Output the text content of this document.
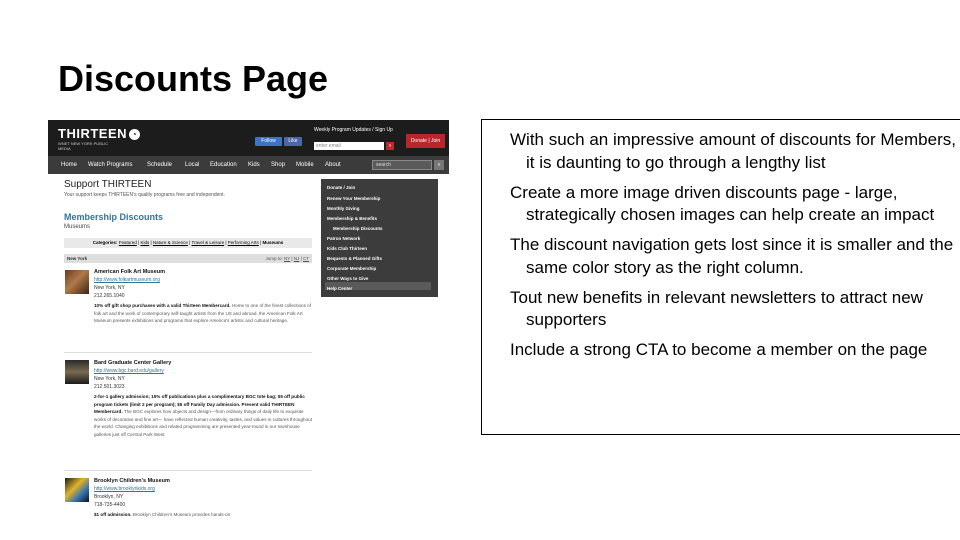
Discounts Page
THIRTEEN ◔
WNET NEW YORK PUBLIC MEDIA
Follow	Like
Weekly Program Updates / Sign Up
enter email	»
Donate | Join
Home Watch Programs Schedule Local Education Kids Shop Mobile About	search	»
Support THIRTEEN
Your support keeps THIRTEEN's quality programs free and independent.
Membership Discounts
Museums
Categories: Featured | Kids | Nature & Science | Travel & Leisure | Performing Arts | Museums
New York	Jump to: NY | NJ | CT
Donate / Join
Renew Your Membership
Monthly Giving
Membership & Benefits
Membership Discounts
Patron Network
Kids Club Thirteen
Bequests & Planned Gifts
Corporate Membership
Other Ways to Give
Help Center
American Folk Art Museum
http://www.folkartmuseum.org
New York, NY
212.265.1040
10% off gift shop purchases with a valid Thirteen Membercard. Home to one of the finest collections of folk art and the work of contemporary self-taught artists from the US and abroad, the American Folk Art Museum presents exhibitions and programs that explore America's artistic and cultural heritage.
Bard Graduate Center Gallery
http://www.bgc.bard.edu/gallery
New York, NY
212.501.3023
2-for-1 gallery admission; 15% off publications plus a complimentary BGC tote bag; $5 off public program tickets (limit 2 per program); $5 off Family Day admission. Present valid THIRTEEN Membercard. The BGC explores how objects and design—from ordinary things of daily life to exquisite works of decorative and fine art— have reflected human creativity, tastes, and values in cultures throughout the world. Changing exhibitions and related programming are presented year-round in our townhouse galleries just off Central Park West.
Brooklyn Children's Museum
http://www.brooklynkids.org
Brooklyn, NY
718-735-4400
$1 off admission. Brooklyn Children's Museum provides hands-on
With such an impressive amount of discounts for Members, it is daunting to go through a lengthy list
Create a more image driven discounts page - large, strategically chosen images can help create an impact
The discount navigation gets lost since it is smaller and the same color story as the right column.
Tout new benefits in relevant newsletters to attract new supporters
Include a strong CTA to become a member on the page
